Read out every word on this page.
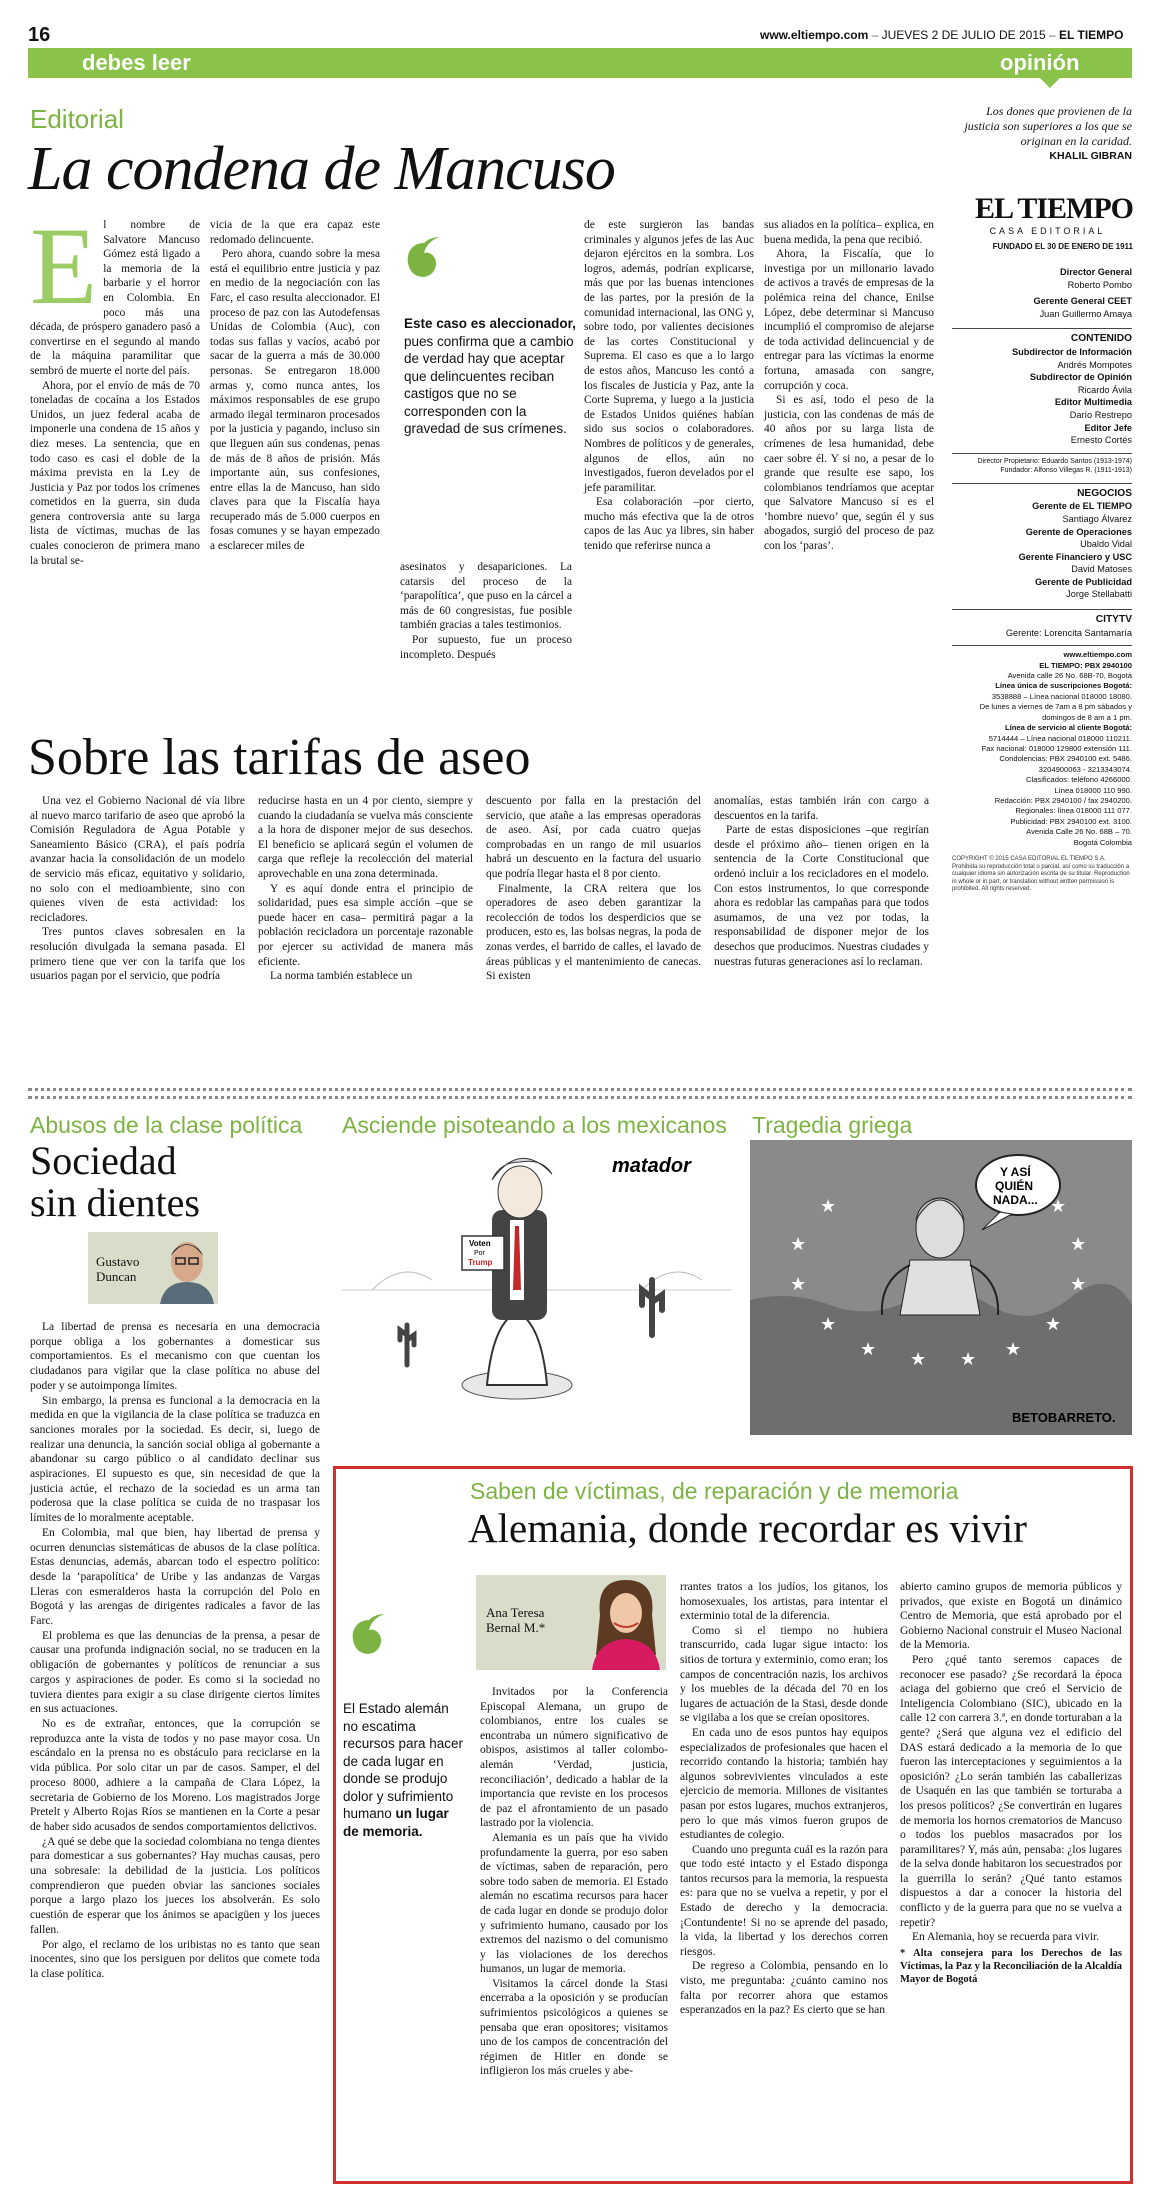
16	www.eltiempo.com – JUEVES 2 DE JULIO DE 2015 – EL TIEMPO
debes leer	opinión
Editorial
La condena de Mancuso
E l nombre de Salvatore Mancuso Gómez está ligado a la memoria de la barbarie y el horror en Colombia. En poco más una década, de próspero ganadero pasó a convertirse en el segundo al mando de la máquina paramilitar que sembró de muerte el norte del país.

Ahora, por el envío de más de 70 toneladas de cocaína a los Estados Unidos, un juez federal acaba de imponerle una condena de 15 años y diez meses. La sentencia, que en todo caso es casi el doble de la máxima prevista en la Ley de Justicia y Paz por todos los crímenes cometidos en la guerra, sin duda genera controversia ante su larga lista de víctimas, muchas de las cuales conocieron de primera mano la brutal se-

vicia de la que era capaz este redomado delincuente.

Pero ahora, cuando sobre la mesa está el equilibrio entre justicia y paz en medio de la negociación con las Farc, el caso resulta aleccionador. El proceso de paz con las Autodefensas Unidas de Colombia (Auc), con todas sus fallas y vacíos, acabó por sacar de la guerra a más de 30.000 personas. Se entregaron 18.000 armas y, como nunca antes, los máximos responsables de ese grupo armado ilegal terminaron procesados por la justicia y pagando, incluso sin que lleguen aún sus condenas, penas de más de 8 años de prisión. Más importante aún, sus confesiones, entre ellas la de Mancuso, han sido claves para que la Fiscalía haya recuperado más de 5.000 cuerpos en fosas comunes y se hayan empezado a esclarecer miles de

Este caso es aleccionador, pues confirma que a cambio de verdad hay que aceptar que delincuentes reciban castigos que no se corresponden con la gravedad de sus crímenes.

asesinatos y desapariciones. La catarsis del proceso de la ‘parapolítica’, que puso en la cárcel a más de 60 congresistas, fue posible también gracias a tales testimonios.

Por supuesto, fue un proceso incompleto. Después

de este surgieron las bandas criminales y algunos jefes de las Auc dejaron ejércitos en la sombra. Los logros, además, podrían explicarse, más que por las buenas intenciones de las partes, por la presión de la comunidad internacional, las ONG y, sobre todo, por valientes decisiones de las cortes Constitucional y Suprema. El caso es que a lo largo de estos años, Mancuso les contó a los fiscales de Justicia y Paz, ante la Corte Suprema, y luego a la justicia de Estados Unidos quiénes habían sido sus socios o colaboradores. Nombres de políticos y de generales, algunos de ellos, aún no investigados, fueron develados por el jefe paramilitar.

Esa colaboración –por cierto, mucho más efectiva que la de otros capos de las Auc ya libres, sin haber tenido que referirse nunca a

sus aliados en la política– explica, en buena medida, la pena que recibió.

Ahora, la Fiscalía, que lo investiga por un millonario lavado de activos a través de empresas de la polémica reina del chance, Enilse López, debe determinar si Mancuso incumplió el compromiso de alejarse de toda actividad delincuencial y de entregar para las víctimas la enorme fortuna, amasada con sangre, corrupción y coca.

Si es así, todo el peso de la justicia, con las condenas de más de 40 años por su larga lista de crímenes de lesa humanidad, debe caer sobre él. Y si no, a pesar de lo grande que resulte ese sapo, los colombianos tendríamos que aceptar que Salvatore Mancuso sí es el ‘hombre nuevo’ que, según él y sus abogados, surgió del proceso de paz con los ‘paras’.

Los dones que provienen de la justicia son superiores a los que se originan en la caridad.
KHALIL GIBRAN
EL TIEMPO
CASA EDITORIAL
FUNDADO EL 30 DE ENERO DE 1911
Director General
Roberto Pombo
Gerente General CEET
Juan Guillermo Amaya
CONTENIDO
Subdirector de Información
Andrés Mompotes
Subdirector de Opinión
Ricardo Ávila
Editor Multimedia
Darío Restrepo
Editor Jefe
Ernesto Cortés
Director Propietario: Eduardo Santos (1913-1974) Fundador: Alfonso Villegas R. (1911-1913)
NEGOCIOS
Gerente de EL TIEMPO
Santiago Álvarez
Gerente de Operaciones
Ubaldo Vidal
Gerente Financiero y USC
David Matoses
Gerente de Publicidad
Jorge Stellabatti
CITYTV
Gerente: Lorencita Santamaría
www.eltiempo.com
EL TIEMPO: PBX 2940100
Avenida calle 26 No. 68B-70, Bogotá
Línea única de suscripciones Bogotá:
3538888 – Línea nacional 018000 18080.
De lunes a viernes de 7am a 8 pm sábados y
domingos de 8 am a 1 pm.
Línea de servicio al cliente Bogotá:
5714444 – Línea nacional 018000 110211.
Fax nacional: 018000 129800 extensión 111.
Condolencias: PBX 2940100 ext. 5486.
3204900063 - 3213343074.
Clasificados: teléfono 4266000.
Línea 018000 110 990.
Redacción: PBX 2940100 / fax 2940200.
Regionales: línea 018000 111 077.
Publicidad: PBX 2940100 ext. 3100.
Avenida Calle 26 No. 68B – 70.
Bogotá Colombia
COPYRIGHT © 2015 CASA EDITORIAL EL TIEMPO S.A. Prohibida su reproducción total o parcial, así como su traducción a cualquier idioma sin autorización escrita de su titular. Reproduction in whole or in part, or translation without written permission is prohibited. All rights reserved.
Sobre las tarifas de aseo

Una vez el Gobierno Nacional dé vía libre al nuevo marco tarifario de aseo que aprobó la Comisión Reguladora de Agua Potable y Saneamiento Básico (CRA), el país podría avanzar hacia la consolidación de un modelo de servicio más eficaz, equitativo y solidario, no solo con el medioambiente, sino con quienes viven de esta actividad: los recicladores.

Tres puntos claves sobresalen en la resolución divulgada la semana pasada. El primero tiene que ver con la tarifa que los usuarios pagan por el servicio, que podría

reducirse hasta en un 4 por ciento, siempre y cuando la ciudadanía se vuelva más consciente a la hora de disponer mejor de sus desechos. El beneficio se aplicará según el volumen de carga que refleje la recolección del material aprovechable en una zona determinada.

Y es aquí donde entra el principio de solidaridad, pues esa simple acción –que se puede hacer en casa– permitirá pagar a la población recicladora un porcentaje razonable por ejercer su actividad de manera más eficiente.

La norma también establece un

descuento por falla en la prestación del servicio, que atañe a las empresas operadoras de aseo. Así, por cada cuatro quejas comprobadas en un rango de mil usuarios habrá un descuento en la factura del usuario que podría llegar hasta el 8 por ciento.

Finalmente, la CRA reitera que los operadores de aseo deben garantizar la recolección de todos los desperdicios que se producen, esto es, las bolsas negras, la poda de zonas verdes, el barrido de calles, el lavado de áreas públicas y el mantenimiento de canecas. Si existen

anomalías, estas también irán con cargo a descuentos en la tarifa.

Parte de estas disposiciones –que regirían desde el próximo año– tienen origen en la sentencia de la Corte Constitucional que ordenó incluir a los recicladores en el modelo. Con estos instrumentos, lo que corresponde ahora es redoblar las campañas para que todos asumamos, de una vez por todas, la responsabilidad de disponer mejor de los desechos que producimos. Nuestras ciudades y nuestras futuras generaciones así lo reclaman.

Abusos de la clase política
Sociedad
sin dientes
Gustavo
Duncan

La libertad de prensa es necesaria en una democracia porque obliga a los gobernantes a domesticar sus comportamientos. Es el mecanismo con que cuentan los ciudadanos para vigilar que la clase política no abuse del poder y se autoimponga límites.

Sin embargo, la prensa es funcional a la democracia en la medida en que la vigilancia de la clase política se traduzca en sanciones morales por la sociedad. Es decir, si, luego de realizar una denuncia, la sanción social obliga al gobernante a abandonar su cargo público o al candidato declinar sus aspiraciones. El supuesto es que, sin necesidad de que la justicia actúe, el rechazo de la sociedad es un arma tan poderosa que la clase política se cuida de no traspasar los límites de lo moralmente aceptable.

En Colombia, mal que bien, hay libertad de prensa y ocurren denuncias sistemáticas de abusos de la clase política. Estas denuncias, además, abarcan todo el espectro político: desde la ‘parapolítica’ de Uribe y las andanzas de Vargas Lleras con esmeralderos hasta la corrupción del Polo en Bogotá y las arengas de dirigentes radicales a favor de las Farc.

El problema es que las denuncias de la prensa, a pesar de causar una profunda indignación social, no se traducen en la obligación de gobernantes y políticos de renunciar a sus cargos y aspiraciones de poder. Es como si la sociedad no tuviera dientes para exigir a su clase dirigente ciertos límites en sus actuaciones.

No es de extrañar, entonces, que la corrupción se reproduzca ante la vista de todos y no pase mayor cosa. Un escándalo en la prensa no es obstáculo para reciclarse en la vida pública. Por solo citar un par de casos. Samper, el del proceso 8000, adhiere a la campaña de Clara López, la secretaria de Gobierno de los Moreno. Los magistrados Jorge Pretelt y Alberto Rojas Ríos se mantienen en la Corte a pesar de haber sido acusados de sendos comportamientos delictivos.

¿A qué se debe que la sociedad colombiana no tenga dientes para domesticar a sus gobernantes? Hay muchas causas, pero una sobresale: la debilidad de la justicia. Los políticos comprendieron que pueden obviar las sanciones sociales porque a largo plazo los jueces los absolverán. Es solo cuestión de esperar que los ánimos se apacigüen y los jueces fallen.

Por algo, el reclamo de los uribistas no es tanto que sean inocentes, sino que los persiguen por delitos que comete toda la clase política.

Asciende pisoteando a los mexicanos
Voten
Por
Trump
matador
Tragedia griega
★
★
★
★ ★ ★ ★
★
★
★
★	★
Y ASÍ
QUIÉN
NADA...
BETOBARRETO.
Saben de víctimas, de reparación y de memoria
Alemania, donde recordar es vivir
El Estado alemán no escatima recursos para hacer de cada lugar en donde se produjo dolor y sufrimiento humano un lugar de memoria.
Ana Teresa
Bernal M.*

Invitados por la Conferencia Episcopal Alemana, un grupo de colombianos, entre los cuales se encontraba un número significativo de obispos, asistimos al taller colombo-alemán ‘Verdad, justicia, reconciliación’, dedicado a hablar de la importancia que reviste en los procesos de paz el afrontamiento de un pasado lastrado por la violencia.

Alemania es un país que ha vivido profundamente la guerra, por eso saben de víctimas, saben de reparación, pero sobre todo saben de memoria. El Estado alemán no escatima recursos para hacer de cada lugar en donde se produjo dolor y sufrimiento humano, causado por los extremos del nazismo o del comunismo y las violaciones de los derechos humanos, un lugar de memoria.

Visitamos la cárcel donde la Stasi encerraba a la oposición y se producían sufrimientos psicológicos a quienes se pensaba que eran opositores; visitamos uno de los campos de concentración del régimen de Hitler en donde se infligieron los más crueles y abe-

rrantes tratos a los judíos, los gitanos, los homosexuales, los artistas, para intentar el exterminio total de la diferencia.

Como si el tiempo no hubiera transcurrido, cada lugar sigue intacto: los sitios de tortura y exterminio, como eran; los campos de concentración nazis, los archivos y los muebles de la década del 70 en los lugares de actuación de la Stasi, desde donde se vigilaba a los que se creían opositores.

En cada uno de esos puntos hay equipos especializados de profesionales que hacen el recorrido contando la historia; también hay algunos sobrevivientes vinculados a este ejercicio de memoria. Millones de visitantes pasan por estos lugares, muchos extranjeros, pero lo que más vimos fueron grupos de estudiantes de colegio.

Cuando uno pregunta cuál es la razón para que todo esté intacto y el Estado disponga tantos recursos para la memoria, la respuesta es: para que no se vuelva a repetir, y por el Estado de derecho y la democracia. ¡Contundente! Si no se aprende del pasado, la vida, la libertad y los derechos corren riesgos.

De regreso a Colombia, pensando en lo visto, me preguntaba: ¿cuánto camino nos falta por recorrer ahora que estamos esperanzados en la paz? Es cierto que se han

abierto camino grupos de memoria públicos y privados, que existe en Bogotá un dinámico Centro de Memoria, que está aprobado por el Gobierno Nacional construir el Museo Nacional de la Memoria.

Pero ¿qué tanto seremos capaces de reconocer ese pasado? ¿Se recordará la época aciaga del gobierno que creó el Servicio de Inteligencia Colombiano (SIC), ubicado en la calle 12 con carrera 3.ª, en donde torturaban a la gente? ¿Será que alguna vez el edificio del DAS estará dedicado a la memoria de lo que fueron las interceptaciones y seguimientos a la oposición? ¿Lo serán también las caballerizas de Usaquén en las que también se torturaba a los presos políticos? ¿Se convertirán en lugares de memoria los hornos crematorios de Mancuso o todos los pueblos masacrados por los paramilitares? Y, más aún, pensaba: ¿los lugares de la selva donde habitaron los secuestrados por la guerrilla lo serán? ¿Qué tanto estamos dispuestos a dar a conocer la historia del conflicto y de la guerra para que no se vuelva a repetir?

En Alemania, hoy se recuerda para vivir.

* Alta consejera para los Derechos de las Víctimas, la Paz y la Reconciliación de la Alcaldía Mayor de Bogotá
